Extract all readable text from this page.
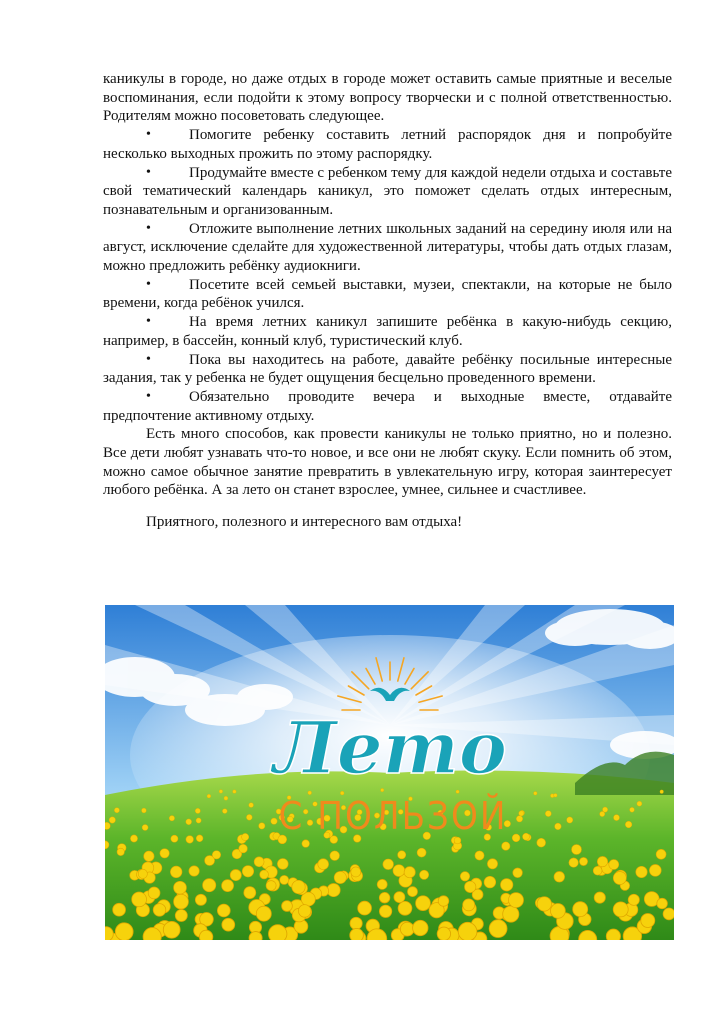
каникулы в городе, но даже отдых в городе может оставить самые приятные и веселые воспоминания, если подойти к этому вопросу творчески и с полной ответственностью. Родителям можно посоветовать следующее.

• Помогите ребенку составить летний распорядок дня и попробуйте несколько выходных прожить по этому распорядку.

• Продумайте вместе с ребенком тему для каждой недели отдыха и составьте свой тематический календарь каникул, это поможет сделать отдых интересным, познавательным и организованным.

• Отложите выполнение летних школьных заданий на середину июля или на август, исключение сделайте для художественной литературы, чтобы дать отдых глазам, можно предложить ребёнку аудиокниги.

• Посетите всей семьей выставки, музеи, спектакли, на которые не было времени, когда ребёнок учился.

• На время летних каникул запишите ребёнка в какую-нибудь секцию, например, в бассейн, конный клуб, туристический клуб.

• Пока вы находитесь на работе, давайте ребёнку посильные интересные задания, так у ребенка не будет ощущения бесцельно проведенного времени.

• Обязательно проводите вечера и выходные вместе, отдавайте предпочтение активному отдыху.

Есть много способов, как провести каникулы не только приятно, но и полезно. Все дети любят узнавать что-то новое, и все они не любят скуку. Если помнить об этом, можно самое обычное занятие превратить в увлекательную игру, которая заинтересует любого ребёнка. А за лето он станет взрослее, умнее, сильнее и счастливее.

Приятного, полезного и интересного вам отдыха!

Лето
С ПОЛЬЗОЙ
